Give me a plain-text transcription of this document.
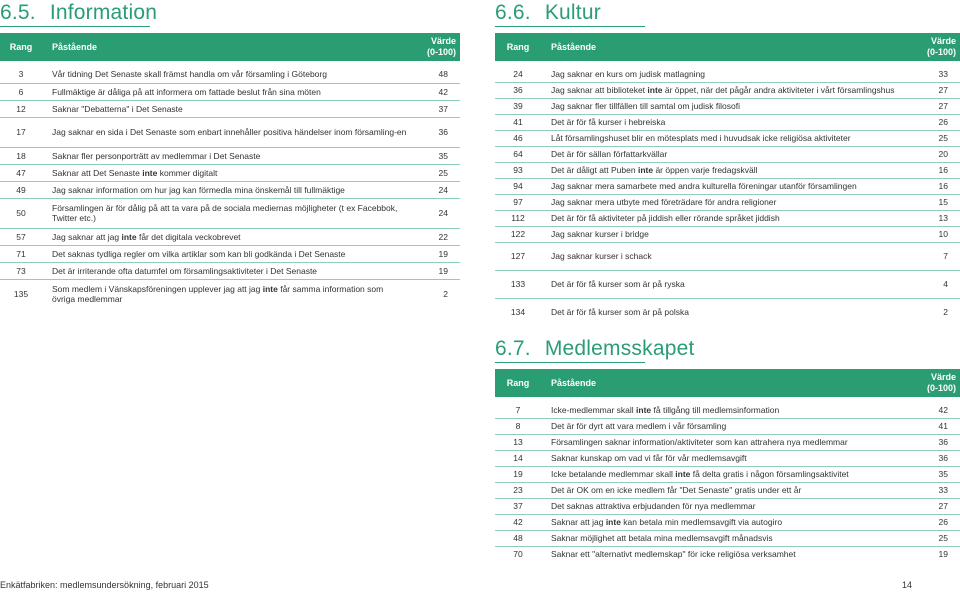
6.5. Information
Rang	Påstående	Värde
(0-100)

3	Vår tidning Det Senaste skall främst handla om vår församling i Göteborg	48
6	Fullmäktige är dåliga på att informera om fattade beslut från sina möten	42
12	Saknar "Debatterna" i Det Senaste	37
17	Jag saknar en sida i Det Senaste som enbart innehåller positiva händelser inom församling-en	36
18	Saknar fler personporträtt av medlemmar i Det Senaste	35
47	Saknar att Det Senaste inte kommer digitalt	25
49	Jag saknar information om hur jag kan förmedla mina önskemål till fullmäktige	24
50	Församlingen är för dålig på att ta vara på de sociala mediernas möjligheter (t ex Facebbok, Twitter etc.)	24
57	Jag saknar att jag inte får det digitala veckobrevet	22
71	Det saknas tydliga regler om vilka artiklar som kan bli godkända i Det Senaste	19
73	Det är irriterande ofta datumfel om församlingsaktiviteter i Det Senaste	19
135	Som medlem i Vänskapsföreningen upplever jag att jag inte får samma information som övriga medlemmar	2
6.6. Kultur
Rang	Påstående	Värde
(0-100)

24	Jag saknar en kurs om judisk matlagning	33
36	Jag saknar att biblioteket inte är öppet, när det pågår andra aktiviteter i vårt församlingshus	27
39	Jag saknar fler tillfällen till samtal om judisk filosofi	27
41	Det är för få kurser i hebreiska	26
46	Låt församlingshuset blir en mötesplats med i huvudsak icke religiösa aktiviteter	25
64	Det är för sällan författarkvällar	20
93	Det är dåligt att Puben inte är öppen varje fredagskväll	16
94	Jag saknar mera samarbete med andra kulturella föreningar utanför församlingen	16
97	Jag saknar mera utbyte med företrädare för andra religioner	15
112	Det är för få aktiviteter på jiddish eller rörande språket jiddish	13
122	Jag saknar kurser i bridge	10
127	Jag saknar kurser i schack	7
133	Det är för få kurser som är på ryska	4
134	Det är för få kurser som är på polska	2
6.7. Medlemsskapet
Rang	Påstående	Värde
(0-100)

7	Icke-medlemmar skall inte få tillgång till medlemsinformation	42
8	Det är för dyrt att vara medlem i vår församling	41
13	Församlingen saknar information/aktiviteter som kan attrahera nya medlemmar	36
14	Saknar kunskap om vad vi får för vår medlemsavgift	36
19	Icke betalande medlemmar skall inte få delta gratis i någon församlingsaktivitet	35
23	Det är OK om en icke medlem får "Det Senaste" gratis under ett år	33
37	Det saknas attraktiva erbjudanden för nya medlemmar	27
42	Saknar att jag inte kan betala min medlemsavgift via autogiro	26
48	Saknar möjlighet att betala mina medlemsavgift månadsvis	25
70	Saknar ett "alternativt medlemskap" för icke religiösa verksamhet	19
Enkätfabriken: medlemsundersökning, februari 2015	14
